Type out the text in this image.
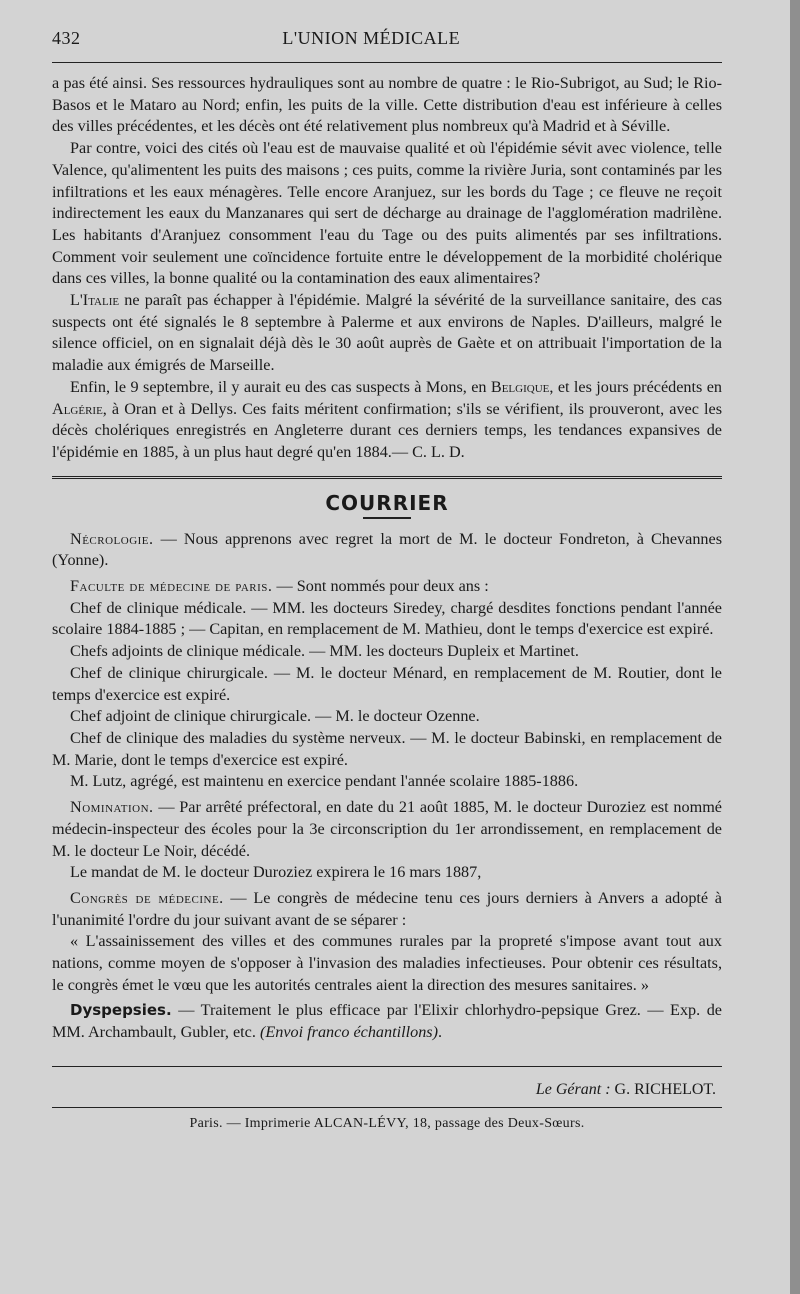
432	L'UNION MÉDICALE

a pas été ainsi. Ses ressources hydrauliques sont au nombre de quatre : le Rio-Subrigot, au Sud; le Rio-Basos et le Mataro au Nord; enfin, les puits de la ville. Cette distribution d'eau est inférieure à celles des villes précédentes, et les décès ont été relativement plus nombreux qu'à Madrid et à Séville.

Par contre, voici des cités où l'eau est de mauvaise qualité et où l'épidémie sévit avec violence, telle Valence, qu'alimentent les puits des maisons ; ces puits, comme la rivière Juria, sont contaminés par les infiltrations et les eaux ménagères. Telle encore Aranjuez, sur les bords du Tage ; ce fleuve ne reçoit indirectement les eaux du Manzanares qui sert de décharge au drainage de l'agglomération madrilène. Les habitants d'Aranjuez consomment l'eau du Tage ou des puits alimentés par ses infiltrations. Comment voir seulement une coïncidence fortuite entre le développement de la morbidité cholérique dans ces villes, la bonne qualité ou la contamination des eaux alimentaires?

L'Italie ne paraît pas échapper à l'épidémie. Malgré la sévérité de la surveillance sanitaire, des cas suspects ont été signalés le 8 septembre à Palerme et aux environs de Naples. D'ailleurs, malgré le silence officiel, on en signalait déjà dès le 30 août auprès de Gaète et on attribuait l'importation de la maladie aux émigrés de Marseille.

Enfin, le 9 septembre, il y aurait eu des cas suspects à Mons, en Belgique, et les jours précédents en Algérie, à Oran et à Dellys. Ces faits méritent confirmation; s'ils se vérifient, ils prouveront, avec les décès cholériques enregistrés en Angleterre durant ces derniers temps, les tendances expansives de l'épidémie en 1885, à un plus haut degré qu'en 1884.— C. L. D.

COURRIER

Nécrologie. — Nous apprenons avec regret la mort de M. le docteur Fondreton, à Chevannes (Yonne).

Faculte de médecine de paris. — Sont nommés pour deux ans :

Chef de clinique médicale. — MM. les docteurs Siredey, chargé desdites fonctions pendant l'année scolaire 1884-1885 ; — Capitan, en remplacement de M. Mathieu, dont le temps d'exercice est expiré.

Chefs adjoints de clinique médicale. — MM. les docteurs Dupleix et Martinet.

Chef de clinique chirurgicale. — M. le docteur Ménard, en remplacement de M. Routier, dont le temps d'exercice est expiré.

Chef adjoint de clinique chirurgicale. — M. le docteur Ozenne.

Chef de clinique des maladies du système nerveux. — M. le docteur Babinski, en remplacement de M. Marie, dont le temps d'exercice est expiré.

M. Lutz, agrégé, est maintenu en exercice pendant l'année scolaire 1885-1886.

Nomination. — Par arrêté préfectoral, en date du 21 août 1885, M. le docteur Duroziez est nommé médecin-inspecteur des écoles pour la 3e circonscription du 1er arrondissement, en remplacement de M. le docteur Le Noir, décédé.

Le mandat de M. le docteur Duroziez expirera le 16 mars 1887,

Congrès de médecine. — Le congrès de médecine tenu ces jours derniers à Anvers a adopté à l'unanimité l'ordre du jour suivant avant de se séparer :

« L'assainissement des villes et des communes rurales par la propreté s'impose avant tout aux nations, comme moyen de s'opposer à l'invasion des maladies infectieuses. Pour obtenir ces résultats, le congrès émet le vœu que les autorités centrales aient la direction des mesures sanitaires. »

Dyspepsies. — Traitement le plus efficace par l'Elixir chlorhydro-pepsique Grez. — Exp. de MM. Archambault, Gubler, etc. (Envoi franco échantillons).

Le Gérant : G. RICHELOT.
Paris. — Imprimerie ALCAN-LÉVY, 18, passage des Deux-Sœurs.
